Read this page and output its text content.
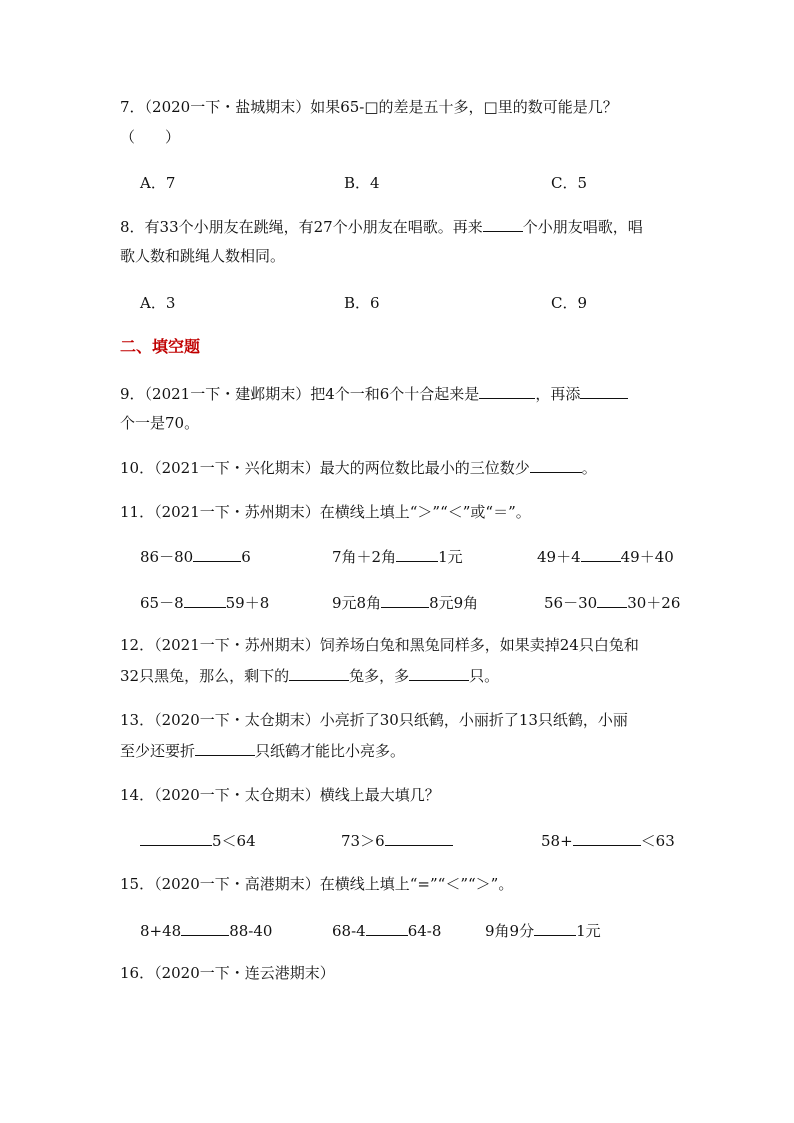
7．（2020一下・盐城期末）如果65-□的差是五十多，□里的数可能是几？
（　　）
A．7	B．4	C．5
8．有33个小朋友在跳绳，有27个小朋友在唱歌。再来	个小朋友唱歌，唱
歌人数和跳绳人数相同。
A．3	B．6	C．9
二、填空题
9．（2021一下・建邺期末）把4个一和6个十合起来是	，再添
个一是70。
10．（2021一下・兴化期末）最大的两位数比最小的三位数少	。
11．（2021一下・苏州期末）在横线上填上“＞”“＜”或“＝”。
86－80	6	7角＋2角	1元	49＋4	49＋40
65－8	59＋8	9元8角	8元9角	56－30 30＋26
12．（2021一下・苏州期末）饲养场白兔和黑兔同样多，如果卖掉24只白兔和
32只黑兔，那么，剩下的	兔多，多	只。
13．（2020一下・太仓期末）小亮折了30只纸鹤，小丽折了13只纸鹤，小丽
至少还要折	只纸鹤才能比小亮多。
14．（2020一下・太仓期末）横线上最大填几？
5＜64	73＞6	58+	＜63
15．（2020一下・高港期末）在横线上填上“=”“＜”“＞”。
8+48	88-40	68-4	64-8	9角9分	1元
16．（2020一下・连云港期末）
